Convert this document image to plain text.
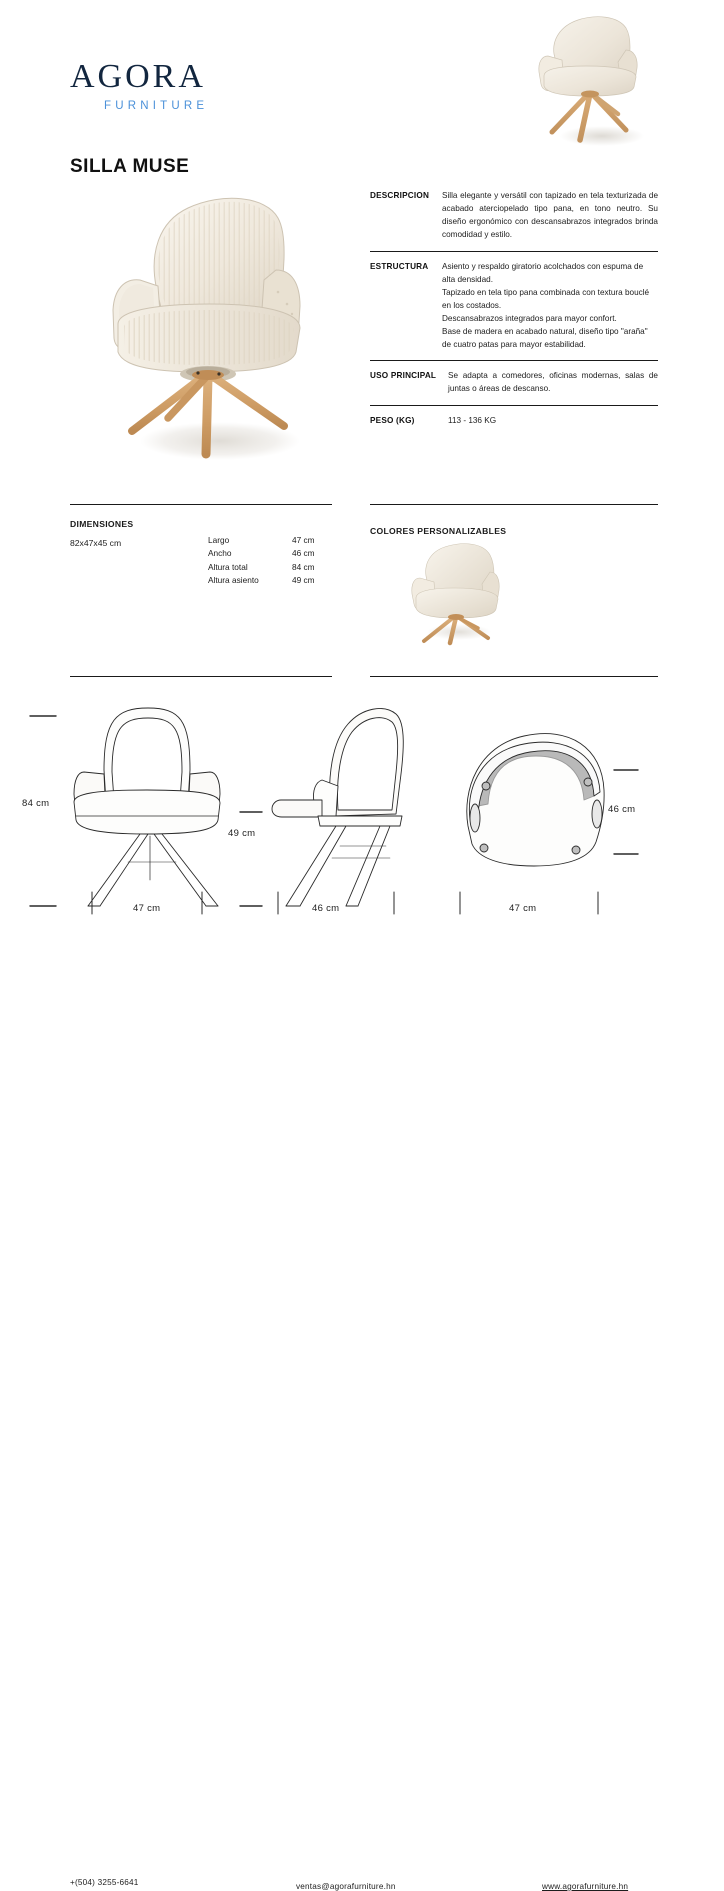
AGORA
FURNITURE
SILLA MUSE
DESCRIPCION	Silla elegante y versátil con tapizado en tela texturizada de acabado aterciopelado tipo pana, en tono neutro. Su diseño ergonómico con descansabrazos integrados brinda comodidad y estilo.
ESTRUCTURA	Asiento y respaldo giratorio acolchados con espuma de alta densidad.

Tapizado en tela tipo pana combinada con textura bouclé en los costados.

Descansabrazos integrados para mayor confort.

Base de madera en acabado natural, diseño tipo "araña" de cuatro patas para mayor estabilidad.

USO PRINCIPAL	Se adapta a comedores, oficinas modernas, salas de juntas o áreas de descanso.
PESO (KG)	113 - 136 KG
DIMENSIONES
82x47x45 cm	Largo	47 cm
Ancho	46 cm
Altura total	84 cm
Altura asiento	49 cm
COLORES PERSONALIZABLES
84 cm
47 cm
49 cm
46 cm
46 cm
47 cm
+(504) 3255-6641	ventas@agorafurniture.hn	www.agorafurniture.hn
